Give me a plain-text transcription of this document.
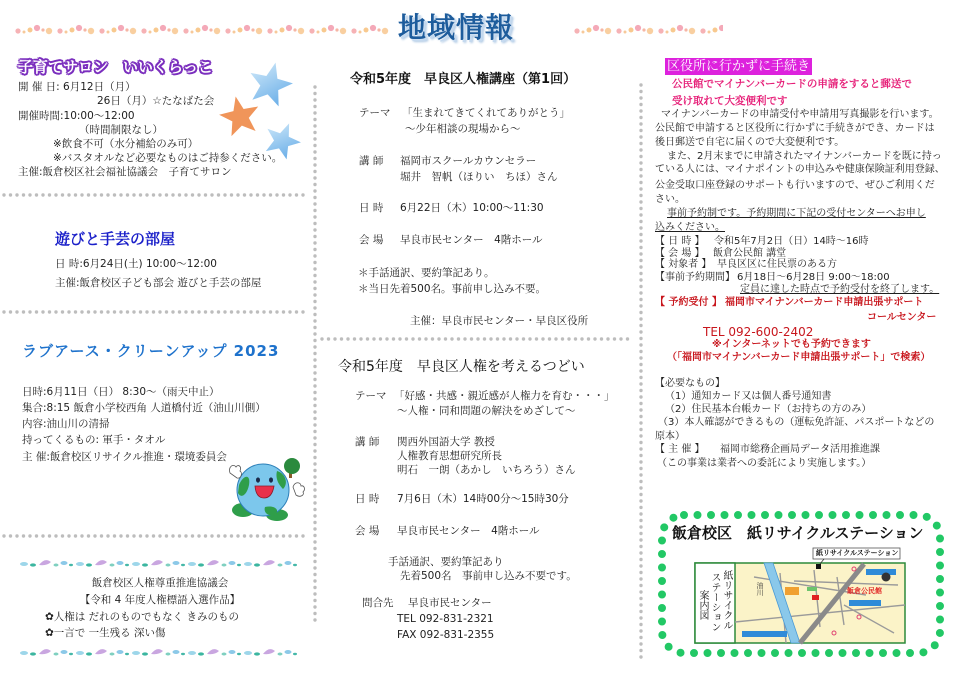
地域情報
子育てサロン　いいくらっこ
開 催 日: 6月12日（月）
26日（月）☆たなばた会
開催時間:10:00～12:00
（時間制限なし）
※飲食不可（水分補給のみ可）
※バスタオルなど必要なものはご持参ください。
主催:飯倉校区社会福祉協議会　子育てサロン
遊びと手芸の部屋
日 時:6月24日(土) 10:00～12:00
主催:飯倉校区子ども部会 遊びと手芸の部屋
ラブアース・クリーンアップ 2023
日時:6月11日（日） 8:30～（雨天中止）
集合:8:15 飯倉小学校西角 人道橋付近（油山川側）
内容:油山川の清掃
持ってくるもの: 軍手・タオル
主 催:飯倉校区リサイクル推進・環境委員会
飯倉校区人権尊重推進協議会
【令和 4 年度人権標語入選作品】
✿人権は だれのものでもなく きみのもの
✿一言で 一生残る 深い傷
令和5年度　早良区人権講座（第1回）
テーマ 「生まれてきてくれてありがとう」
～少年相談の現場から～
講 師 福岡市スクールカウンセラー
堀井　智帆（ほりい　ちほ）さん
日 時 6月22日（木）10:00～11:30
会 場 早良市民センター　4階ホール
＊手話通訳、要約筆記あり。
＊当日先着500名。事前申し込み不要。
主催：早良市民センター・早良区役所
令和5年度　早良区人権を考えるつどい
テーマ 「好感・共感・親近感が人権力を育む・・・」
～人権・同和問題の解決をめざして～
講 師 関西外国語大学 教授
人権教育思想研究所長
明石　一朗（あかし　いちろう）さん
日 時 7月6日（木）14時00分～15時30分
会 場 早良市民センター　4階ホール
手話通訳、要約筆記あり
先着500名　事前申し込み不要です。
問合先 早良市民センター
TEL 092-831-2321
FAX 092-831-2355
区役所に行かずに手続き
公民館でマイナンバーカードの申請をすると郵送で
受け取れて大変便利です
マイナンバーカードの申請受付や申請用写真撮影を行います。
公民館で申請すると区役所に行かずに手続きができ、カードは
後日郵送で自宅に届くので大変便利です。
また、2月末までに申請されたマイナンバーカードを既に持っ
ている人には、マイナポイントの申込みや健康保険証利用登録、
公金受取口座登録のサポートも行いますので、ぜひご利用くだ
さい。
事前予約制です。予約期間に下記の受付センターへお申し
込みください。
【 日 時 】 令和5年7月2日（日）14時～16時
【 会 場 】 飯倉公民館 講堂
【 対象者 】 早良区区に住民票のある方
【事前予約期間】 6月18日～6月28日 9:00～18:00
定員に達した時点で予約受付を終了します。
【 予約受付 】 福岡市マイナンバーカード申請出張サポート
コールセンター
TEL 092-600-2402
※インターネットでも予約できます
（「福岡市マイナンバーカード申請出張サポート」で検索）
【必要なもの】
（1）通知カード又は個人番号通知書
（2）住民基本台帳カード（お持ちの方のみ）
（3）本人確認ができるもの（運転免許証、パスポートなどの
原本）
【 主 催 】 福岡市総務企画局データ活用推進課
（この事業は業者への委託により実施します。）
飯倉校区　紙リサイクルステーション
紙リサイクルステーション
紙リサイクル
ステーション
案内図
油川	飯倉公民館
